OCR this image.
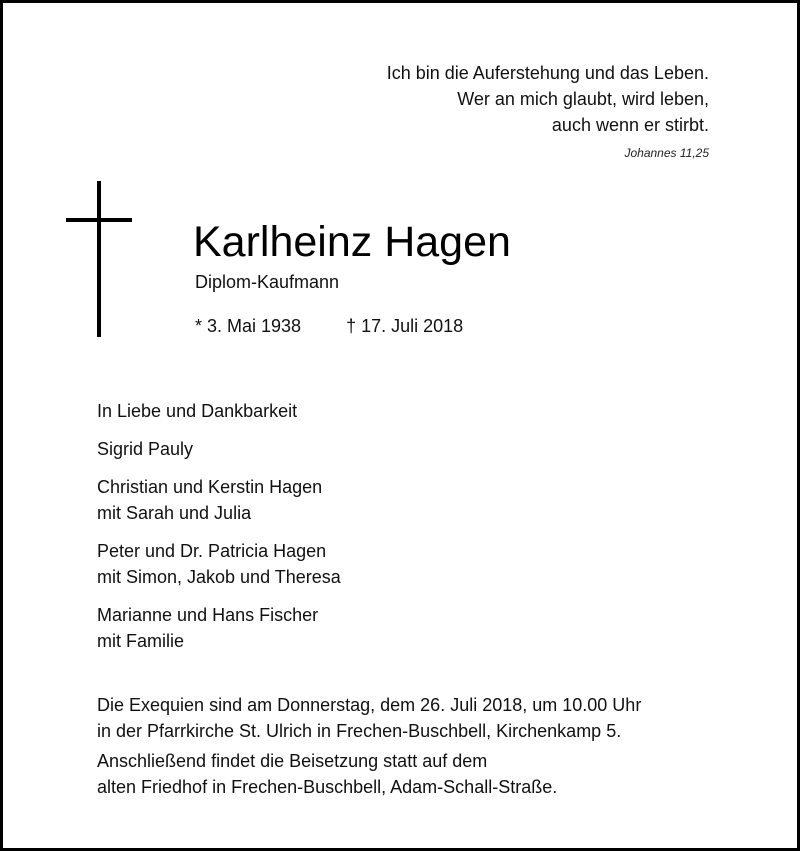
Ich bin die Auferstehung und das Leben.
Wer an mich glaubt, wird leben,
auch wenn er stirbt.
Johannes 11,25
Karlheinz Hagen
Diplom-Kaufmann
* 3. Mai 1938	† 17. Juli 2018
In Liebe und Dankbarkeit
Sigrid Pauly
Christian und Kerstin Hagen
mit Sarah und Julia
Peter und Dr. Patricia Hagen
mit Simon, Jakob und Theresa
Marianne und Hans Fischer
mit Familie
Die Exequien sind am Donnerstag, dem 26. Juli 2018, um 10.00 Uhr
in der Pfarrkirche St. Ulrich in Frechen-Buschbell, Kirchenkamp 5.
Anschließend findet die Beisetzung statt auf dem
alten Friedhof in Frechen-Buschbell, Adam-Schall-Straße.
